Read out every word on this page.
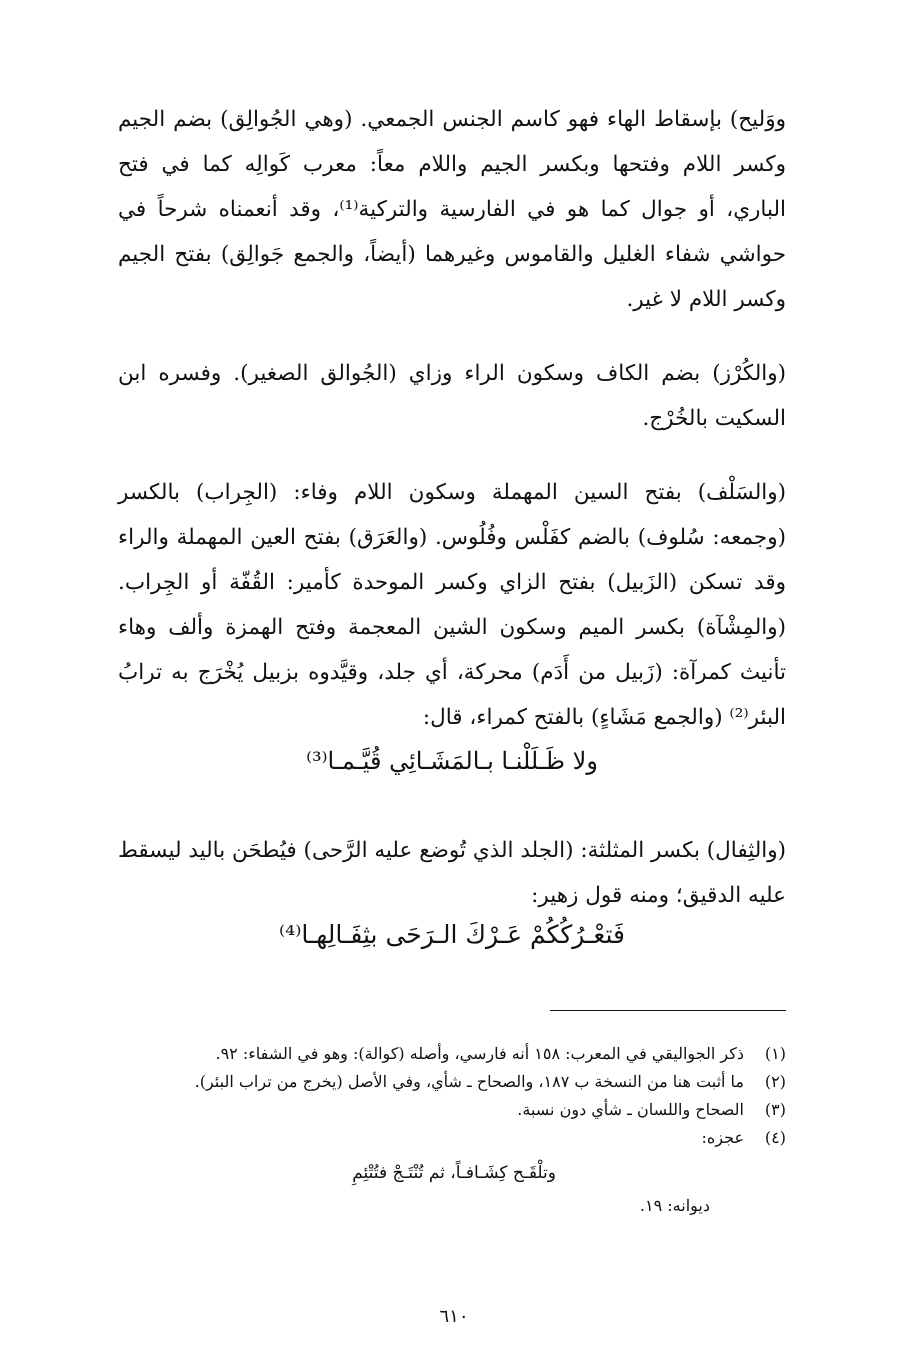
ووَليح) بإسقاط الهاء فهو كاسم الجنس الجمعي. (وهي الجُوالِق) بضم الجيم وكسر اللام وفتحها وبكسر الجيم واللام معاً: معرب كَوالِه كما في فتح الباري، أو جوال كما هو في الفارسية والتركية⁽¹⁾، وقد أنعمناه شرحاً في حواشي شفاء الغليل والقاموس وغيرهما (أيضاً، والجمع جَوالِق) بفتح الجيم وكسر اللام لا غير.

(والكُرْز) بضم الكاف وسكون الراء وزاي (الجُوالق الصغير). وفسره ابن السكيت بالخُرْج.

(والسَلْف) بفتح السين المهملة وسكون اللام وفاء: (الجِراب) بالكسر (وجمعه: سُلوف) بالضم كفَلْس وفُلُوس. (والعَرَق) بفتح العين المهملة والراء وقد تسكن (الزَبيل) بفتح الزاي وكسر الموحدة كأمير: القُفّة أو الجِراب. (والمِشْآة) بكسر الميم وسكون الشين المعجمة وفتح الهمزة وألف وهاء تأنيث كمرآة: (زَبيل من أَدَم) محركة، أي جلد، وقيَّدوه بزبيل يُخْرَج به ترابُ البئر⁽²⁾ (والجمع مَشَاءٍ) بالفتح كمراء، قال:

ولا ظَـلَلْنـا بـالمَشَـائِي قُيَّـمـا⁽³⁾

(والثِفال) بكسر المثلثة: (الجلد الذي تُوضع عليه الرَّحى) فيُطحَن باليد ليسقط عليه الدقيق؛ ومنه قول زهير:

فَتعْـرُكُكُمْ عَـرْكَ الـرَحَى بثِفَـالِهـا⁽⁴⁾
(١)
ذكر الجواليقي في المعرب: ١٥٨ أنه فارسي، وأصله (كوالة): وهو في الشفاء: ٩٢.
(٢)
ما أثبت هنا من النسخة ب ١٨٧، والصحاح ـ شأي، وفي الأصل (يخرج من تراب البئر).
(٣)
الصحاح واللسان ـ شأي دون نسبة.
(٤)
عجزه:
وتلْقَـح كِشَـافـاً، ثم تُنْتَـجْ فتُتْئِمِ
ديوانه: ١٩.
٦١٠
